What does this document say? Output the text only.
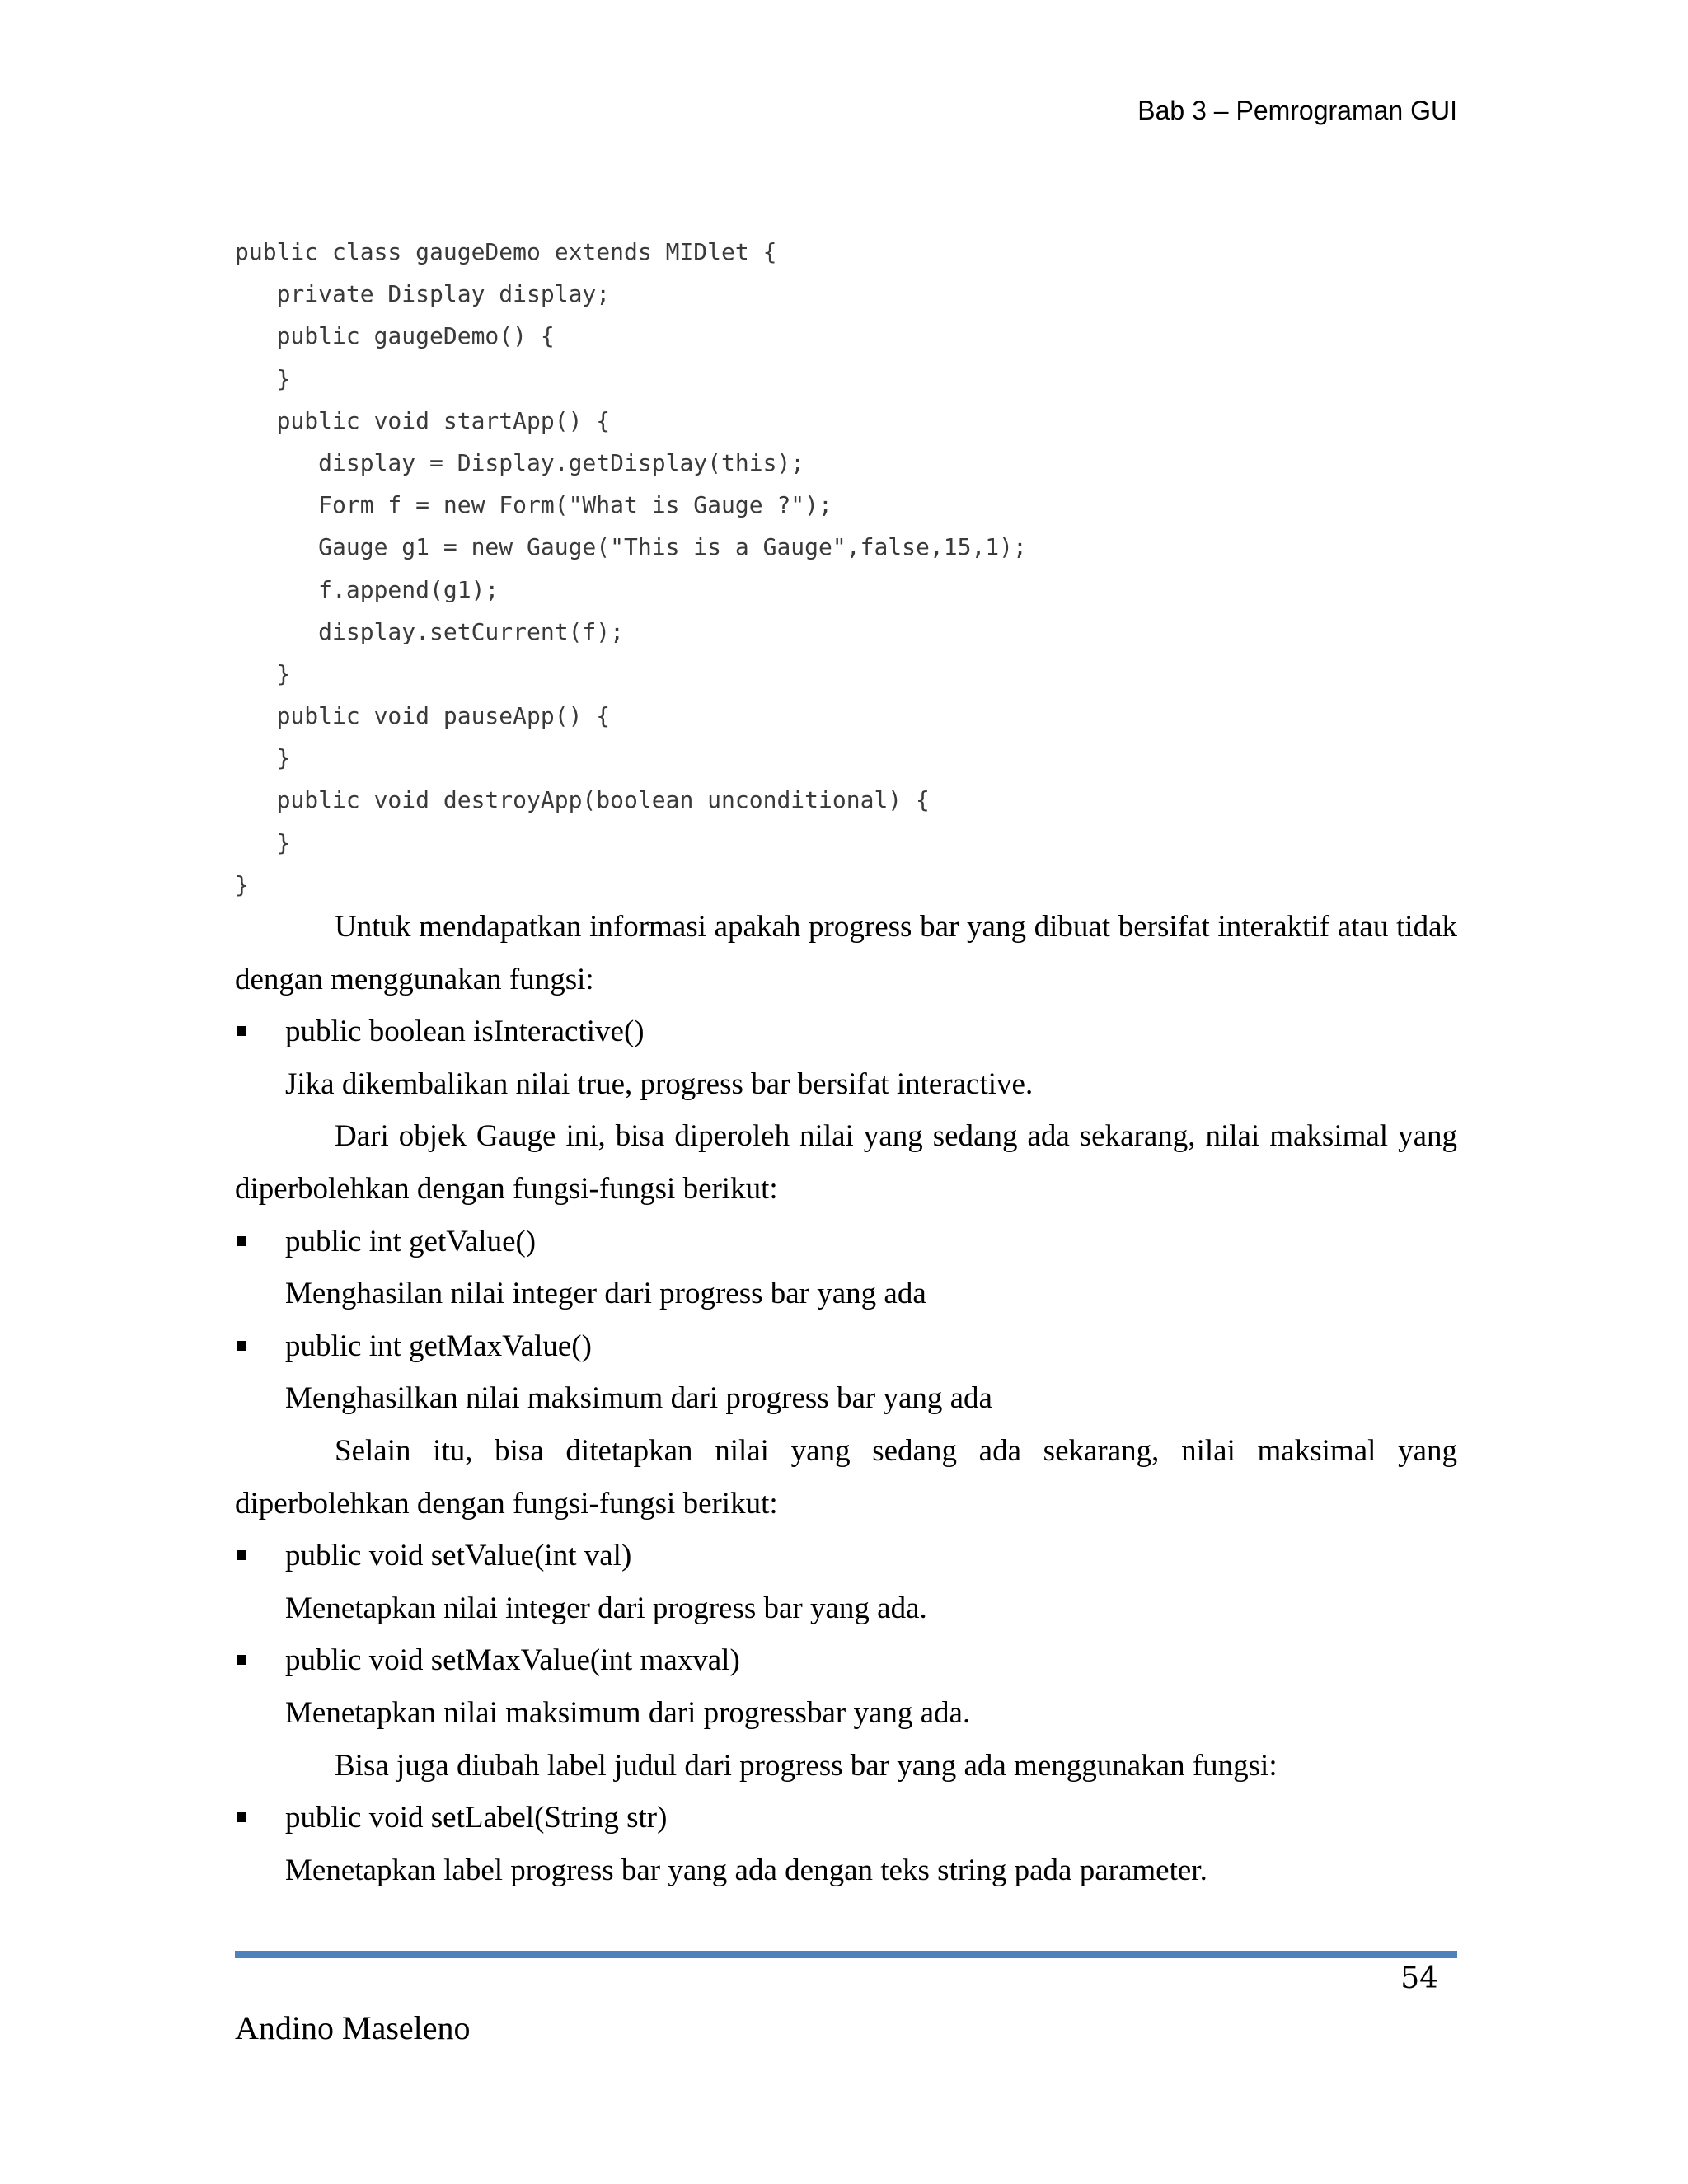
Bab 3 – Pemrograman GUI
public class gaugeDemo extends MIDlet {
private Display display;
public gaugeDemo() {
}
public void startApp() {
display = Display.getDisplay(this);
Form f = new Form("What is Gauge ?");
Gauge g1 = new Gauge("This is a Gauge",false,15,1);
f.append(g1);
display.setCurrent(f);
}
public void pauseApp() {
}
public void destroyApp(boolean unconditional) {
}
}

Untuk mendapatkan informasi apakah progress bar yang dibuat bersifat interaktif atau tidak dengan menggunakan fungsi:

public boolean isInteractive()

Jika dikembalikan nilai true, progress bar bersifat interactive.

Dari objek Gauge ini, bisa diperoleh nilai yang sedang ada sekarang, nilai maksimal yang diperbolehkan dengan fungsi-fungsi berikut:

public int getValue()

Menghasilan nilai integer dari progress bar yang ada

public int getMaxValue()

Menghasilkan nilai maksimum dari progress bar yang ada

Selain itu, bisa ditetapkan nilai yang sedang ada sekarang, nilai maksimal yang diperbolehkan dengan fungsi-fungsi berikut:

public void setValue(int val)

Menetapkan nilai integer dari progress bar yang ada.

public void setMaxValue(int maxval)

Menetapkan nilai maksimum dari progressbar yang ada.

Bisa juga diubah label judul dari progress bar yang ada menggunakan fungsi:

public void setLabel(String str)

Menetapkan label progress bar yang ada dengan teks string pada parameter.

54
Andino Maseleno
